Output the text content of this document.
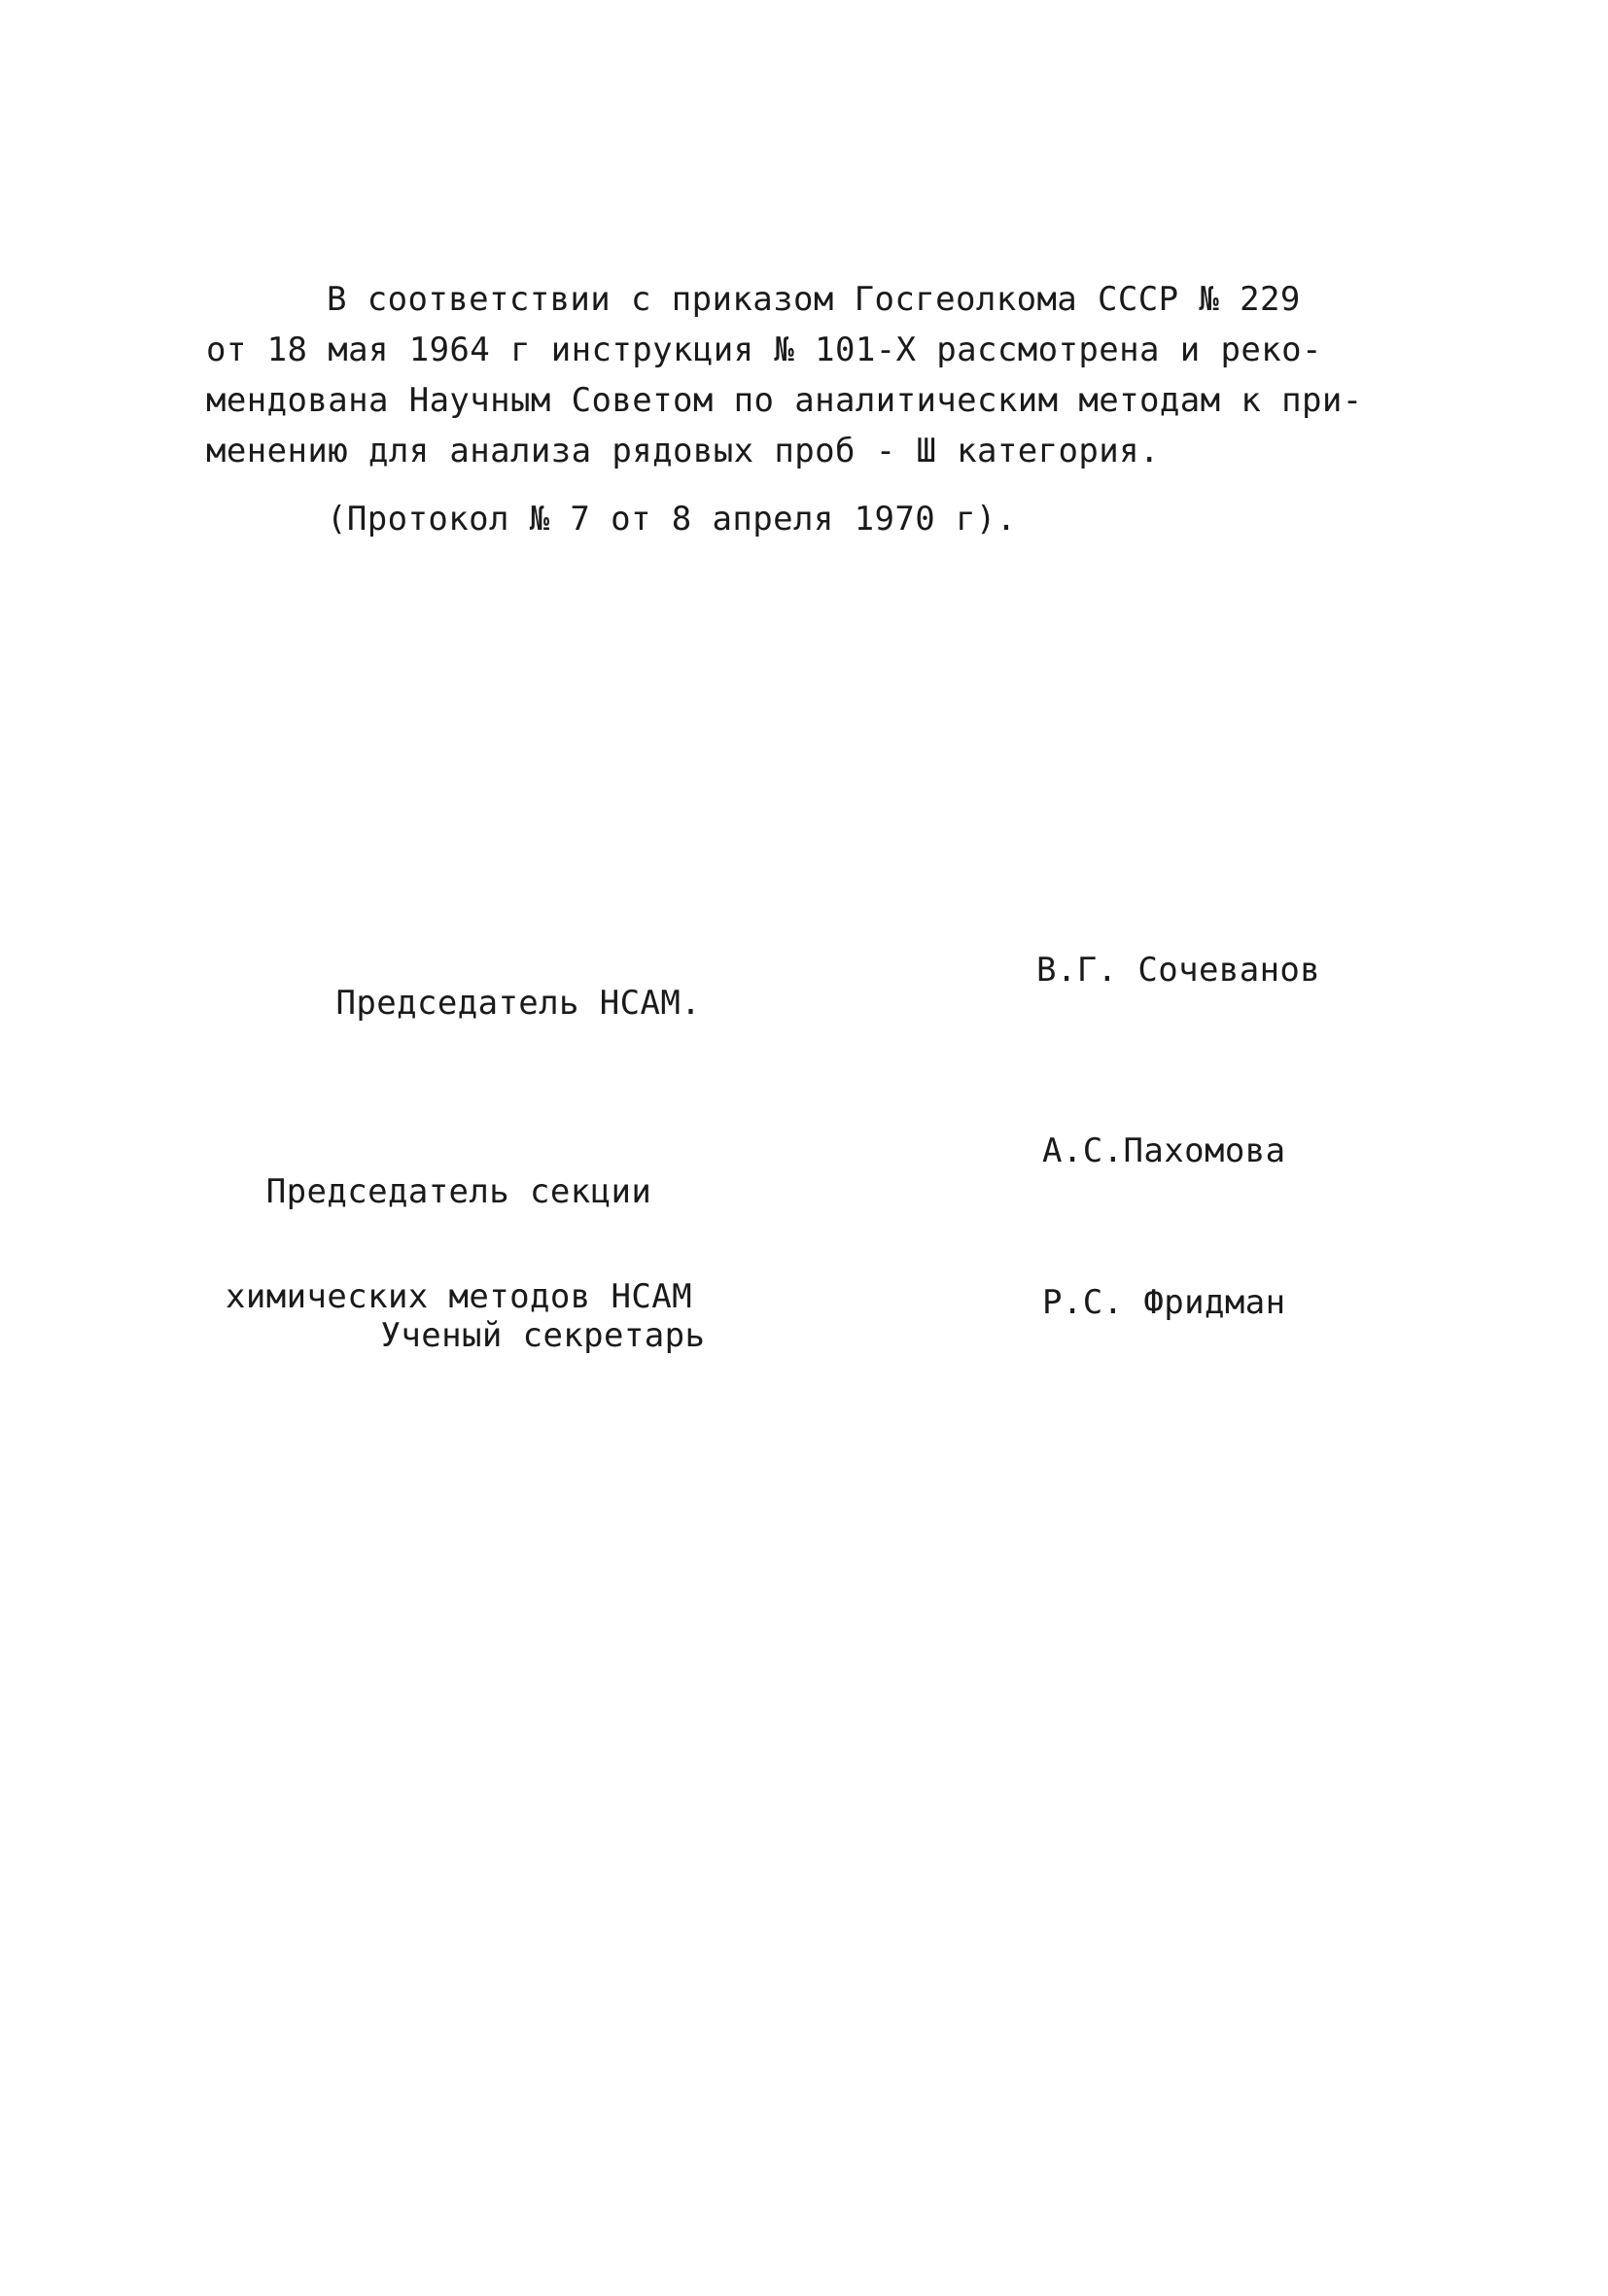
В соответствии с приказом Госгеолкома СССР № 229
от 18 мая 1964 г инструкция № 101-Х рассмотрена и реко-
мендована Научным Советом по аналитическим методам к при-
менению для анализа рядовых проб - Ш категория.
(Протокол № 7 от 8 апреля 1970 г).

Председатель НСАМ.

В.Г. Сочеванов

Председатель секции

химических методов НСАМ

А.С.Пахомова

Ученый секретарь

Р.С. Фридман
